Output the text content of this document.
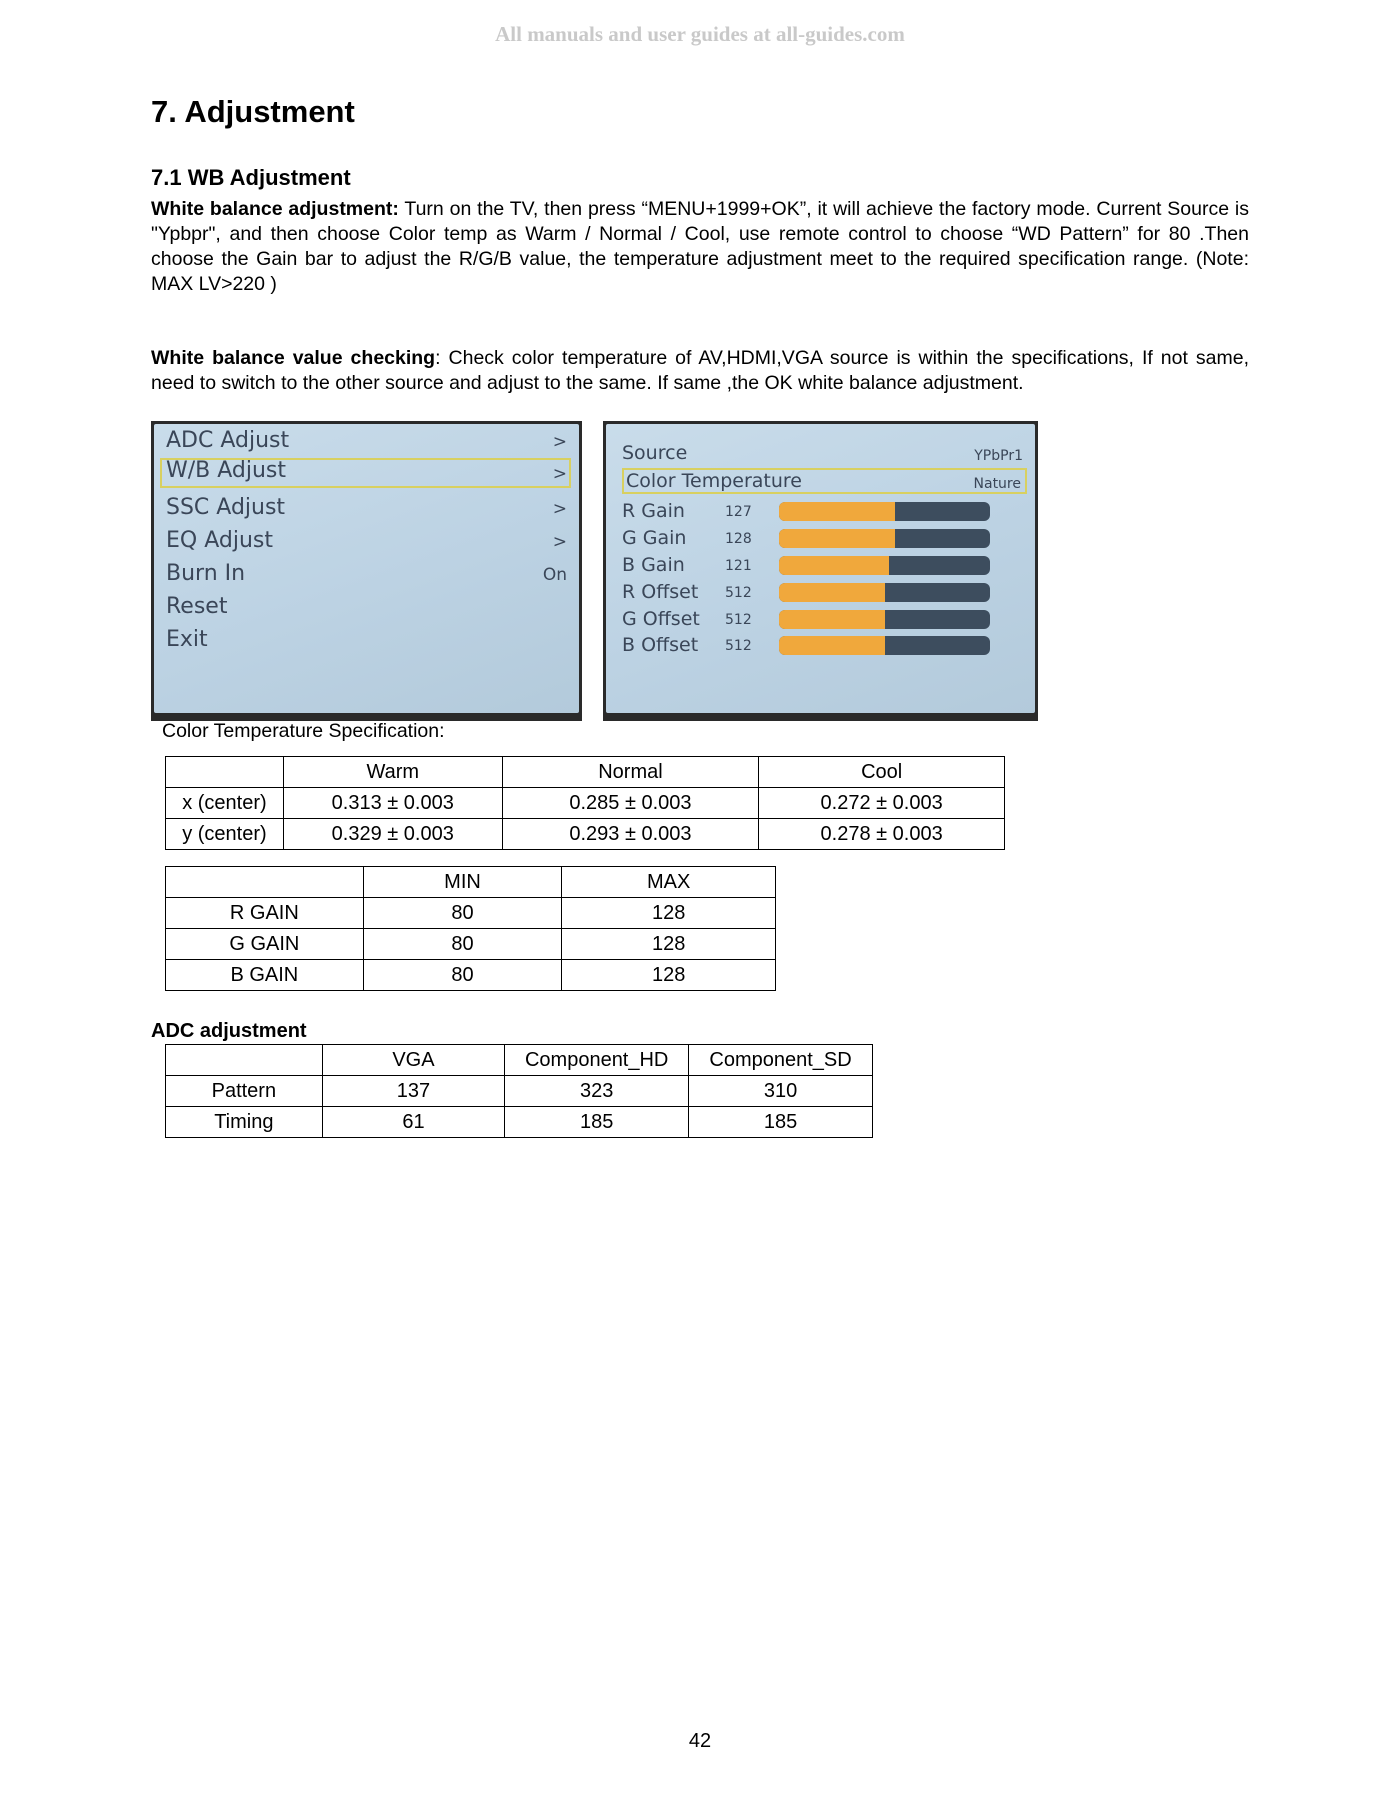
All manuals and user guides at all-guides.com
7. Adjustment
7.1 WB Adjustment

White balance adjustment: Turn on the TV, then press “MENU+1999+OK”, it will achieve the factory mode. Current Source is "Ypbpr", and then choose Color temp as Warm / Normal / Cool, use remote control to choose “WD Pattern” for 80 .Then choose the Gain bar to adjust the R/G/B value, the temperature adjustment meet to the required specification range. (Note: MAX LV>220 )

White balance value checking: Check color temperature of AV,HDMI,VGA source is within the specifications, If not same, need to switch to the other source and adjust to the same. If same ,the OK white balance adjustment.

ADC Adjust	>
W/B Adjust	>
SSC Adjust	>
EQ Adjust	>
Burn In	On
Reset
Exit
Source	YPbPr1
Color Temperature	Nature
R Gain	127
G Gain	128
B Gain	121
R Offset 512
G Offset 512
B Offset 512

Color Temperature Specification:

	Warm	Normal	Cool
x (center)	0.313 ± 0.003	0.285 ± 0.003	0.272 ± 0.003
y (center)	0.329 ± 0.003	0.293 ± 0.003	0.278 ± 0.003
	MIN	MAX
R GAIN	80	128
G GAIN	80	128
B GAIN	80	128

ADC adjustment

	VGA	Component_HD	Component_SD
Pattern	137	323	310
Timing	61	185	185
42
